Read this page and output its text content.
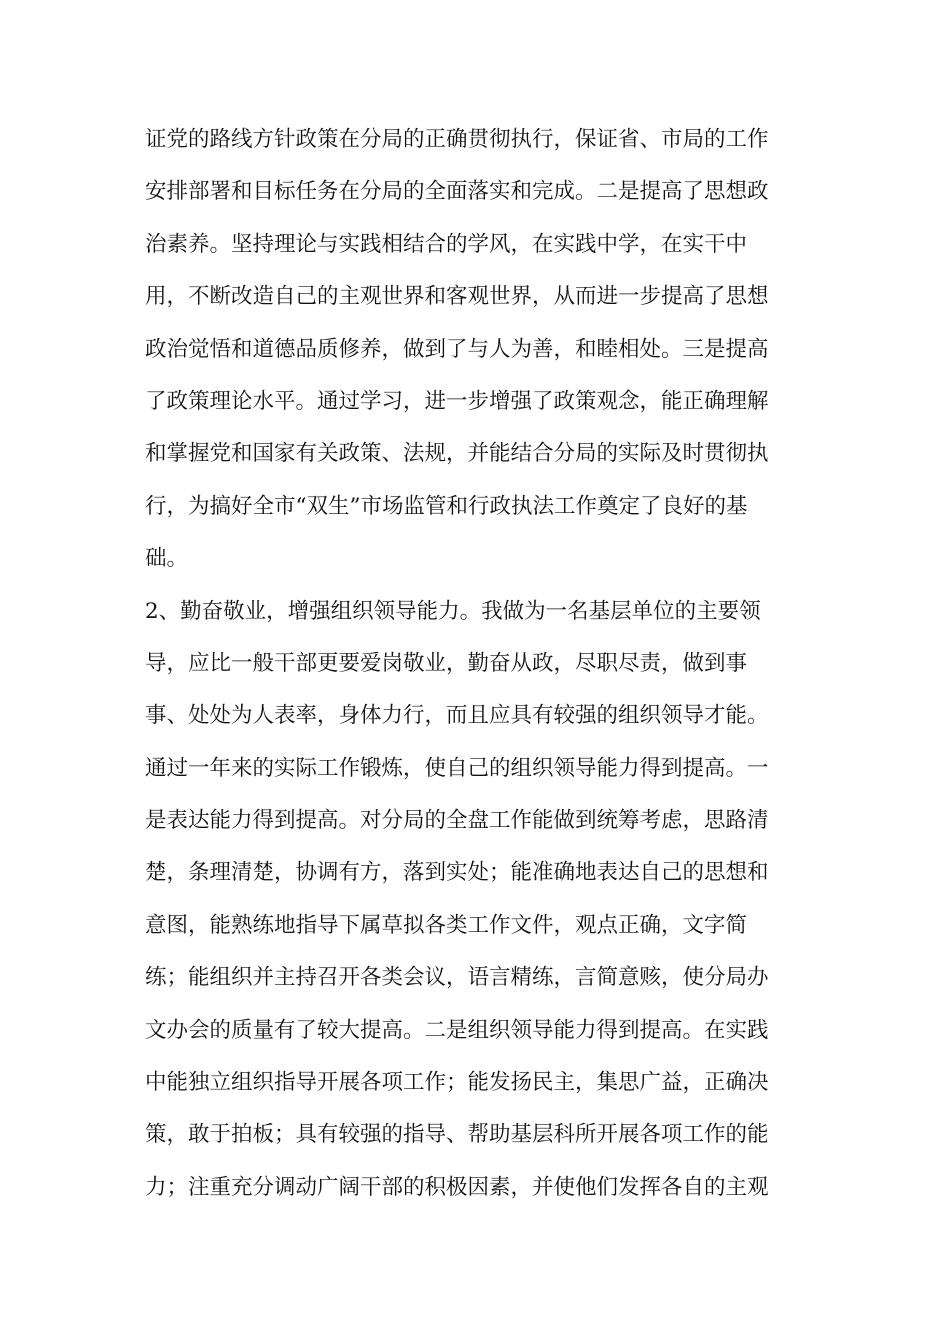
证党的路线方针政策在分局的正确贯彻执行，保证省、市局的工作
安排部署和目标任务在分局的全面落实和完成。二是提高了思想政
治素养。坚持理论与实践相结合的学风，在实践中学，在实干中
用，不断改造自己的主观世界和客观世界，从而进一步提高了思想
政治觉悟和道德品质修养，做到了与人为善，和睦相处。三是提高
了政策理论水平。通过学习，进一步增强了政策观念，能正确理解
和掌握党和国家有关政策、法规，并能结合分局的实际及时贯彻执
行，为搞好全市“双生”市场监管和行政执法工作奠定了良好的基
础。
2、勤奋敬业，增强组织领导能力。我做为一名基层单位的主要领
导，应比一般干部更要爱岗敬业，勤奋从政，尽职尽责，做到事
事、处处为人表率，身体力行，而且应具有较强的组织领导才能。
通过一年来的实际工作锻炼，使自己的组织领导能力得到提高。一
是表达能力得到提高。对分局的全盘工作能做到统筹考虑，思路清
楚，条理清楚，协调有方，落到实处；能准确地表达自己的思想和
意图，能熟练地指导下属草拟各类工作文件，观点正确，文字简
练；能组织并主持召开各类会议，语言精练，言简意赅，使分局办
文办会的质量有了较大提高。二是组织领导能力得到提高。在实践
中能独立组织指导开展各项工作；能发扬民主，集思广益，正确决
策，敢于拍板；具有较强的指导、帮助基层科所开展各项工作的能
力；注重充分调动广阔干部的积极因素，并使他们发挥各自的主观
